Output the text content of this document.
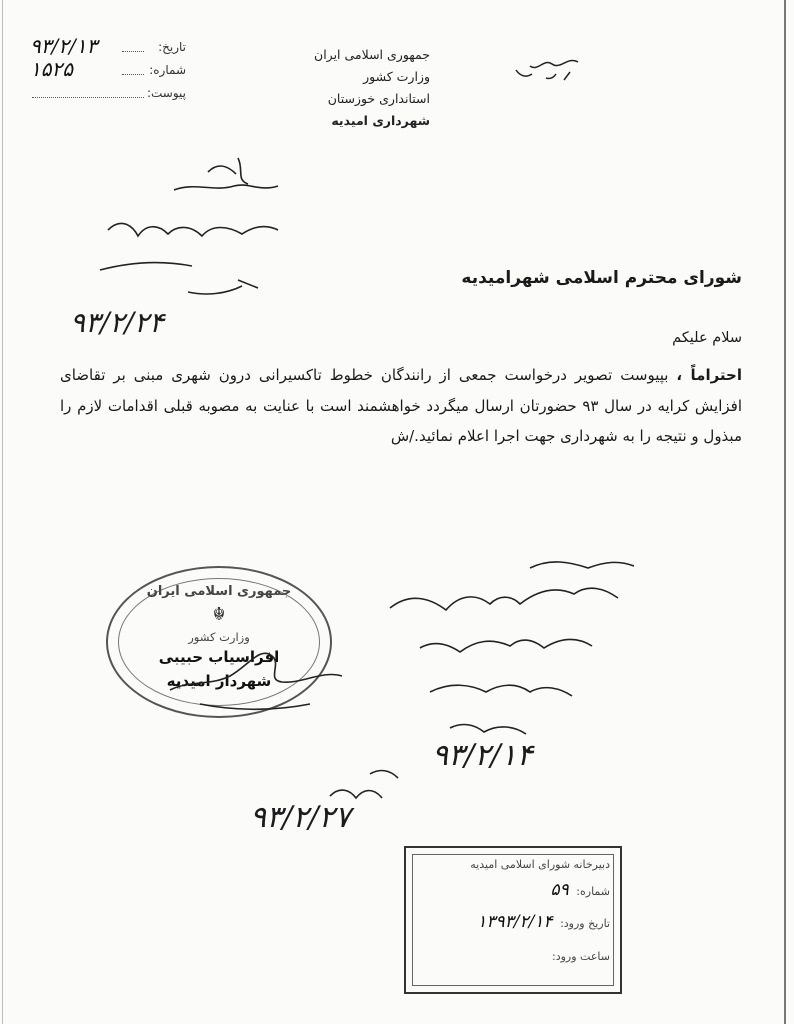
جمهوری اسلامی ایران
وزارت کشور
استانداری خوزستان
شهرداری امیدیه
تاریخ:
۹۳/۲/۱۳
شماره:
۱۵۲۵
پیوست:
شورای محترم اسلامی شهرامیدیه
۹۳/۲/۲۴	سلام علیکم
احتراماً ، بپیوست تصویر درخواست جمعی از رانندگان خطوط تاکسیرانی درون شهری مبنی بر تقاضای افزایش کرایه در سال ۹۳ حضورتان ارسال میگردد خواهشمند است با عنایت به مصوبه قبلی اقدامات لازم را مبذول و نتیجه را به شهرداری جهت اجرا اعلام نمائید./ش
جمهوری اسلامی ایران
☬
وزارت کشور
افراسیاب حبیبی
شهردار امیدیه
۹۳/۲/۱۴
۹۳/۲/۲۷
دبیرخانه شورای اسلامی امیدیه
شماره: ۵۹
تاریخ ورود: ۱۳۹۳/۲/۱۴
ساعت ورود:
